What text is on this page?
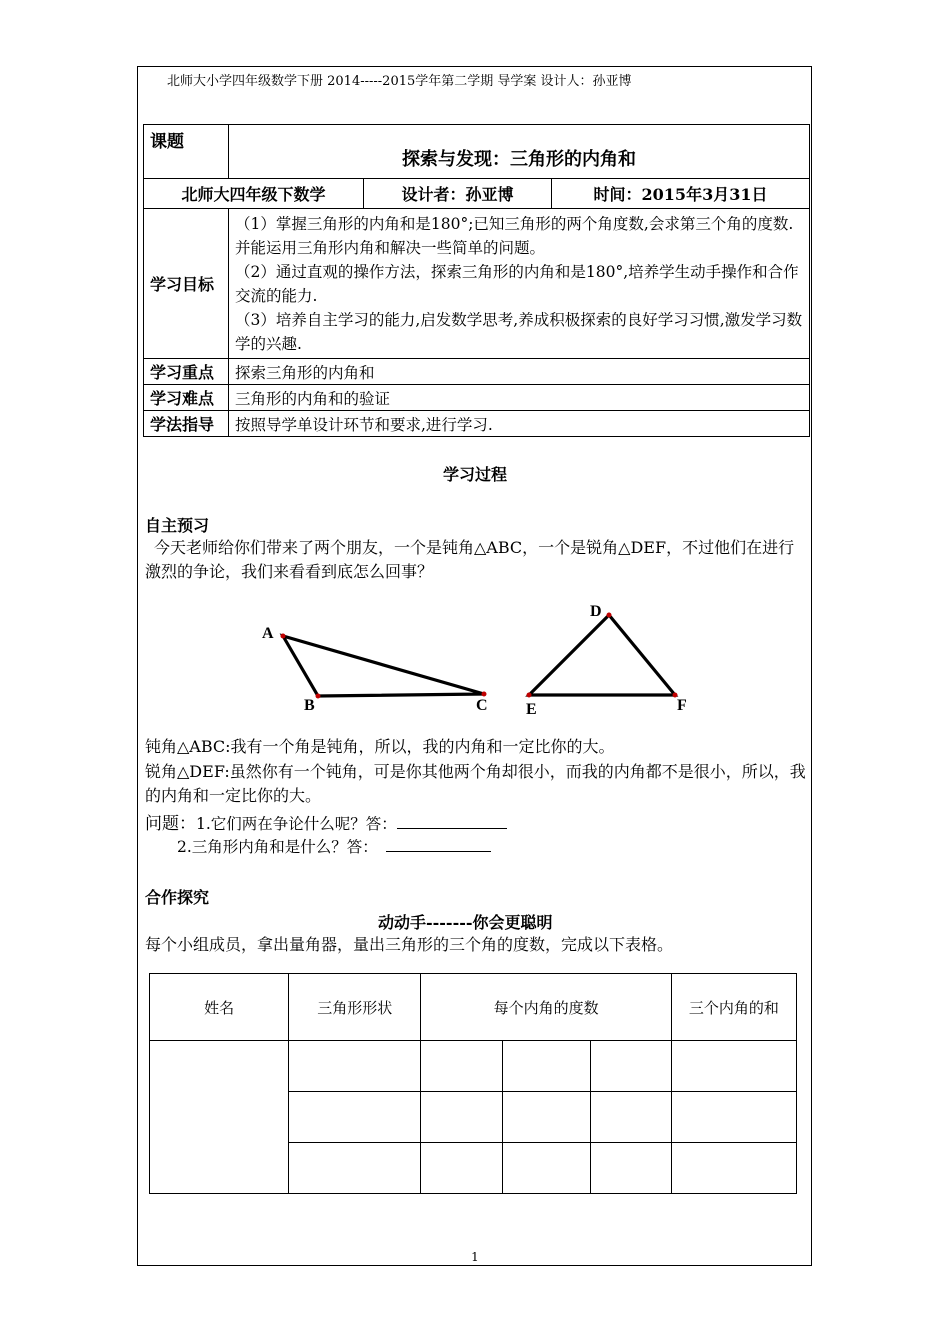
北师大小学四年级数学下册 2014-----2015学年第二学期 导学案 设计人：孙亚博
课题	探索与发现：三角形的内角和		
北师大四年级下数学		设计者：孙亚博	时间：2015年3月31日
学习目标	（1）掌握三角形的内角和是180°;已知三角形的两个角度数,会求第三个角的度数.并能运用三角形内角和解决一些简单的问题。
（2）通过直观的操作方法，探索三角形的内角和是180°,培养学生动手操作和合作交流的能力.
（3）培养自主学习的能力,启发数学思考,养成积极探索的良好学习习惯,激发学习数学的兴趣.		

学习重点	探索三角形的内角和		
学习难点	三角形的内角和的验证		
学法指导	按照导学单设计环节和要求,进行学习.		
学习过程
自主预习
今天老师给你们带来了两个朋友，一个是钝角△ABC，一个是锐角△DEF，不过他们在进行激烈的争论，我们来看看到底怎么回事？
A
B	C
D
E	F
钝角△ABC:我有一个角是钝角，所以，我的内角和一定比你的大。
锐角△DEF:虽然你有一个钝角，可是你其他两个角却很小，而我的内角都不是很小，所以，我的内角和一定比你的大。
问题：1.它们两在争论什么呢？答：
2.三角形内角和是什么？答：
合作探究
动动手-------你会更聪明
每个小组成员，拿出量角器，量出三角形的三个角的度数，完成以下表格。
姓名	三角形形状	每个内角的度数			三个内角的和

1
